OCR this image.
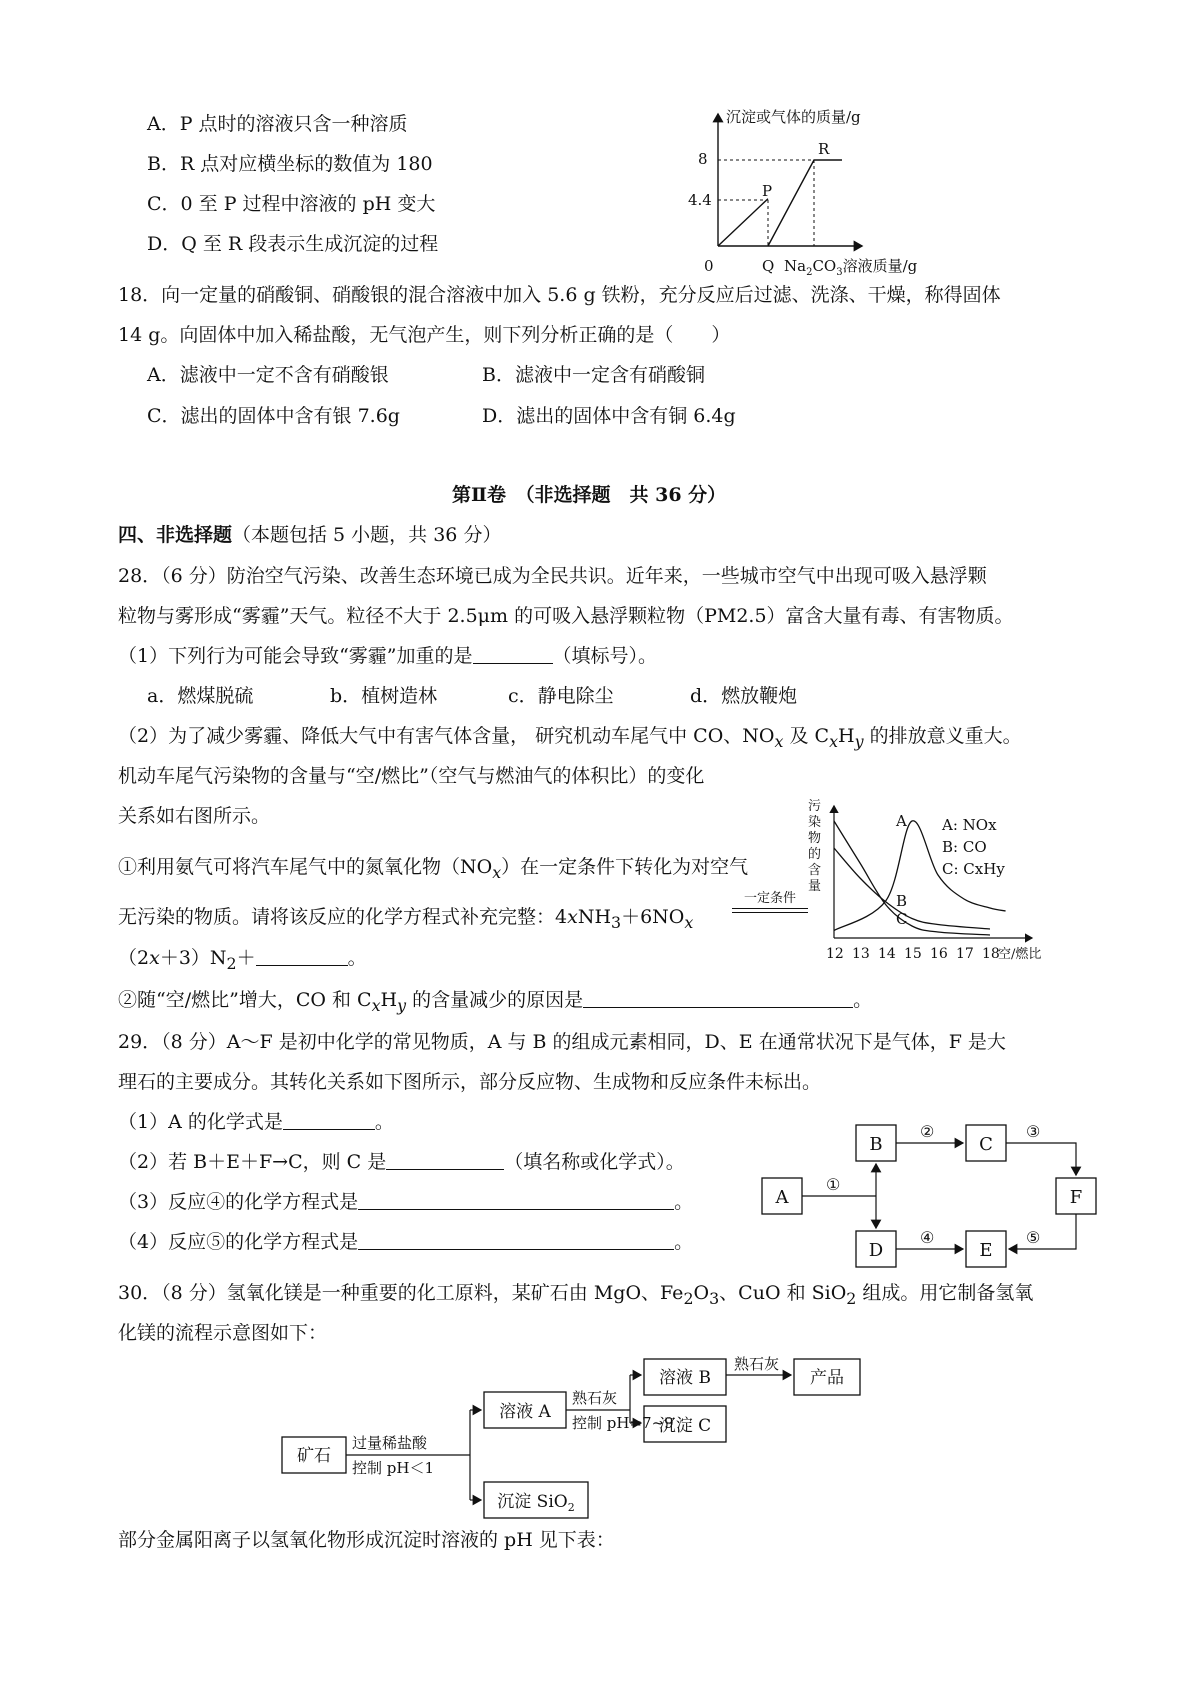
A．P 点时的溶液只含一种溶质
B．R 点对应横坐标的数值为 180
C．0 至 P 过程中溶液的 pH 变大
D．Q 至 R 段表示生成沉淀的过程
沉淀或气体的质量/g
0
8
4.4	P
R
Q $Na_2CO_3$溶液质量/g
18．向一定量的硝酸铜、硝酸银的混合溶液中加入 5.6 g 铁粉，充分反应后过滤、洗涤、干燥，称得固体
14 g。向固体中加入稀盐酸，无气泡产生，则下列分析正确的是（　　）
A．滤液中一定不含有硝酸银	B．滤液中一定含有硝酸铜
C．滤出的固体中含有银 7.6g	D．滤出的固体中含有铜 6.4g
第Ⅱ卷　（非选择题　共 36 分）
四、非选择题（本题包括 5 小题，共 36 分）
28．（6 分）防治空气污染、改善生态环境已成为全民共识。近年来，一些城市空气中出现可吸入悬浮颗
粒物与雾形成“雾霾”天气。粒径不大于 2.5μm 的可吸入悬浮颗粒物（PM2.5）富含大量有毒、有害物质。
（1）下列行为可能会导致“雾霾”加重的是	（填标号）。
a．燃煤脱硫	b．植树造林	c．静电除尘	d．燃放鞭炮
（2）为了减少雾霾、降低大气中有害气体含量， 研究机动车尾气中 CO、$NO_x$ 及 $C_xH_y$ 的排放意义重大。
机动车尾气污染物的含量与“空/燃比”（空气与燃油气的体积比）的变化
关系如右图所示。
①利用氨气可将汽车尾气中的氮氧化物$(NO_x)$在一定条件下转化为对空气
无污染的物质。请将该反应的化学方程式补充完整：$4xNH_3+6NO_x$
一定条件
$(2x+3)N_2+$	。
②随“空/燃比”增大，CO 和 $C_xH_y$ 的含量减少的原因是	。
污
染
物
的
含
量
A
B
C
A: NOx
B: CO
C: CxHy
12 13 14 15 16 17 18
空/燃比
29．（8 分）A～F 是初中化学的常见物质，A 与 B 的组成元素相同，D、E 在通常状况下是气体，F 是大
理石的主要成分。其转化关系如下图所示，部分反应物、生成物和反应条件未标出。
（1）A 的化学式是	。
（2）若 B＋E＋F→C，则 C 是	（填名称或化学式）。
（3）反应④的化学方程式是	。
（4）反应⑤的化学方程式是	。
A
B	C
F
D	E
①
②	③
④	⑤
30．（8 分）氢氧化镁是一种重要的化工原料，某矿石由 MgO、$Fe_2O_3$、CuO 和 SiO$_2$ 组成。用它制备氢氧
化镁的流程示意图如下：
矿石
过量稀盐酸
控制 pH＜1
溶液 A
沉淀 SiO$_2$
熟石灰
控制 pH=7~9
溶液 B
沉淀 C
熟石灰
产品
部分金属阳离子以氢氧化物形成沉淀时溶液的 pH 见下表：
